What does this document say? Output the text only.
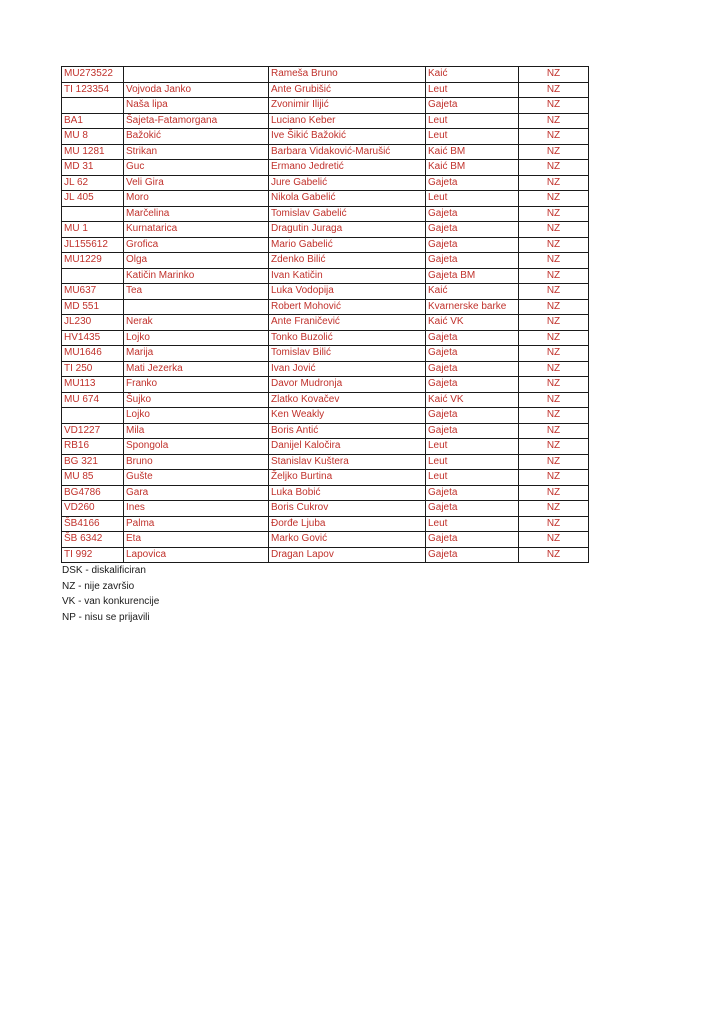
MU273522		Rameša Bruno	Kaić	NZ
TI 123354	Vojvoda Janko	Ante Grubišić	Leut	NZ
	Naša lipa	Zvonimir Ilijić	Gajeta	NZ
BA1	Šajeta-Fatamorgana	Luciano Keber	Leut	NZ
MU 8	Bažokić	Ive Šikić Bažokić	Leut	NZ
MU 1281	Strikan	Barbara Vidaković-Marušić	Kaić BM	NZ
MD 31	Guc	Ermano Jedretić	Kaić BM	NZ
JL 62	Veli Gira	Jure Gabelić	Gajeta	NZ
JL 405	Moro	Nikola Gabelić	Leut	NZ
	Marčelina	Tomislav Gabelić	Gajeta	NZ
MU 1	Kurnatarica	Dragutin Juraga	Gajeta	NZ
JL155612	Grofica	Mario Gabelić	Gajeta	NZ
MU1229	Olga	Zdenko Bilić	Gajeta	NZ
	Katičin Marinko	Ivan Katičin	Gajeta BM	NZ
MU637	Tea	Luka Vodopija	Kaić	NZ
MD 551		Robert Mohović	Kvarnerske barke	NZ
JL230	Nerak	Ante Franičević	Kaić VK	NZ
HV1435	Lojko	Tonko Buzolić	Gajeta	NZ
MU1646	Marija	Tomislav Bilić	Gajeta	NZ
TI 250	Mati Jezerka	Ivan Jović	Gajeta	NZ
MU113	Franko	Davor Mudronja	Gajeta	NZ
MU 674	Šujko	Zlatko Kovačev	Kaić VK	NZ
	Lojko	Ken Weakly	Gajeta	NZ
VD1227	Mila	Boris Antić	Gajeta	NZ
RB16	Spongola	Danijel Kaločira	Leut	NZ
BG 321	Bruno	Stanislav Kuštera	Leut	NZ
MU 85	Gušte	Željko Burtina	Leut	NZ
BG4786	Gara	Luka Bobić	Gajeta	NZ
VD260	Ines	Boris Cukrov	Gajeta	NZ
ŠB4166	Palma	Đorđe Ljuba	Leut	NZ
ŠB 6342	Eta	Marko Gović	Gajeta	NZ
TI 992	Lapovica	Dragan Lapov	Gajeta	NZ
DSK - diskalificiran
NZ - nije završio
VK - van konkurencije
NP - nisu se prijavili
